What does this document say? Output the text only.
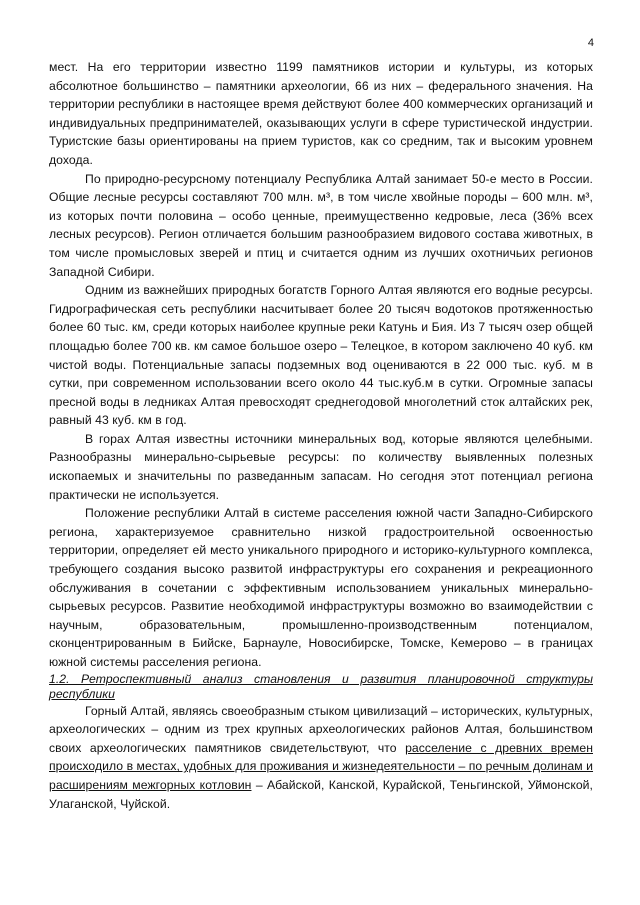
4

мест. На его территории известно 1199 памятников истории и культуры, из которых абсолютное большинство – памятники археологии, 66 из них – федерального значения. На территории республики в настоящее время действуют более 400 коммерческих организаций и индивидуальных предпринимателей, оказывающих услуги в сфере туристической индустрии. Туристские базы ориентированы на прием туристов, как со средним, так и высоким уровнем дохода.

По природно-ресурсному потенциалу Республика Алтай занимает 50-е место в России. Общие лесные ресурсы составляют 700 млн. м³, в том числе хвойные породы – 600 млн. м³, из которых почти половина – особо ценные, преимущественно кедровые, леса (36% всех лесных ресурсов). Регион отличается большим разнообразием видового состава животных, в том числе промысловых зверей и птиц и считается одним из лучших охотничьих регионов Западной Сибири.

Одним из важнейших природных богатств Горного Алтая являются его водные ресурсы. Гидрографическая сеть республики насчитывает более 20 тысяч водотоков протяженностью более 60 тыс. км, среди которых наиболее крупные реки Катунь и Бия. Из 7 тысяч озер общей площадью более 700 кв. км самое большое озеро – Телецкое, в котором заключено 40 куб. км чистой воды. Потенциальные запасы подземных вод оцениваются в 22 000 тыс. куб. м в сутки, при современном использовании всего около 44 тыс.куб.м в сутки. Огромные запасы пресной воды в ледниках Алтая превосходят среднегодовой многолетний сток алтайских рек, равный 43 куб. км в год.

В горах Алтая известны источники минеральных вод, которые являются целебными. Разнообразны минерально-сырьевые ресурсы: по количеству выявленных полезных ископаемых и значительны по разведанным запасам. Но сегодня этот потенциал региона практически не используется.

Положение республики Алтай в системе расселения южной части Западно-Сибирского региона, характеризуемое сравнительно низкой градостроительной освоенностью территории, определяет ей место уникального природного и историко-культурного комплекса, требующего создания высоко развитой инфраструктуры его сохранения и рекреационного обслуживания в сочетании с эффективным использованием уникальных минерально-сырьевых ресурсов. Развитие необходимой инфраструктуры возможно во взаимодействии с научным, образовательным, промышленно-производственным потенциалом, сконцентрированным в Бийске, Барнауле, Новосибирске, Томске, Кемерово – в границах южной системы расселения региона.

1.2. Ретроспективный анализ становления и развития планировочной структуры республики

Горный Алтай, являясь своеобразным стыком цивилизаций – исторических, культурных, археологических – одним из трех крупных археологических районов Алтая, большинством своих археологических памятников свидетельствуют, что расселение с древних времен происходило в местах, удобных для проживания и жизнедеятельности – по речным долинам и расширениям межгорных котловин – Абайской, Канской, Курайской, Теньгинской, Уймонской, Улаганской, Чуйской.
